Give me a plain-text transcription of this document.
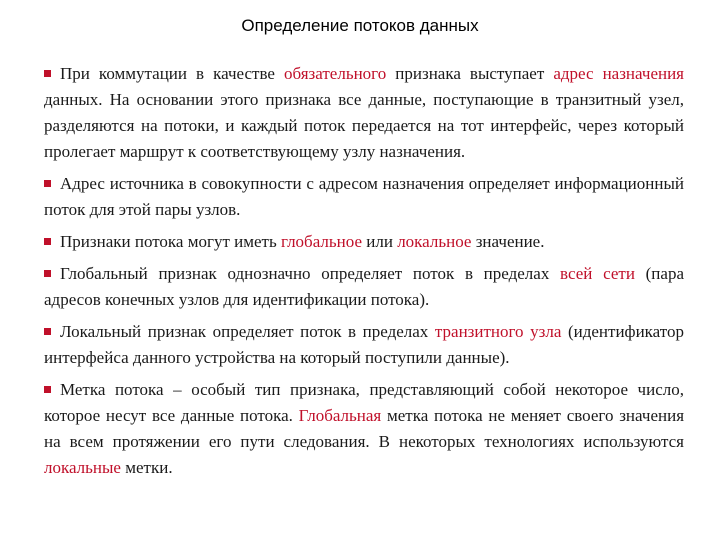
Определение потоков данных

При коммутации в качестве обязательного признака выступает адрес назначения данных. На основании этого признака все данные, поступающие в транзитный узел, разделяются на потоки, и каждый поток передается на тот интерфейс, через который пролегает маршрут к соответствующему узлу назначения.

Адрес источника в совокупности с адресом назначения определяет информационный поток для этой пары узлов.

Признаки потока могут иметь глобальное или локальное значение.

Глобальный признак однозначно определяет поток в пределах всей сети (пара адресов конечных узлов для идентификации потока).

Локальный признак определяет поток в пределах транзитного узла (идентификатор интерфейса данного устройства на который поступили данные).

Метка потока – особый тип признака, представляющий собой некоторое число, которое несут все данные потока. Глобальная метка потока не меняет своего значения на всем протяжении его пути следования. В некоторых технологиях используются локальные метки.
